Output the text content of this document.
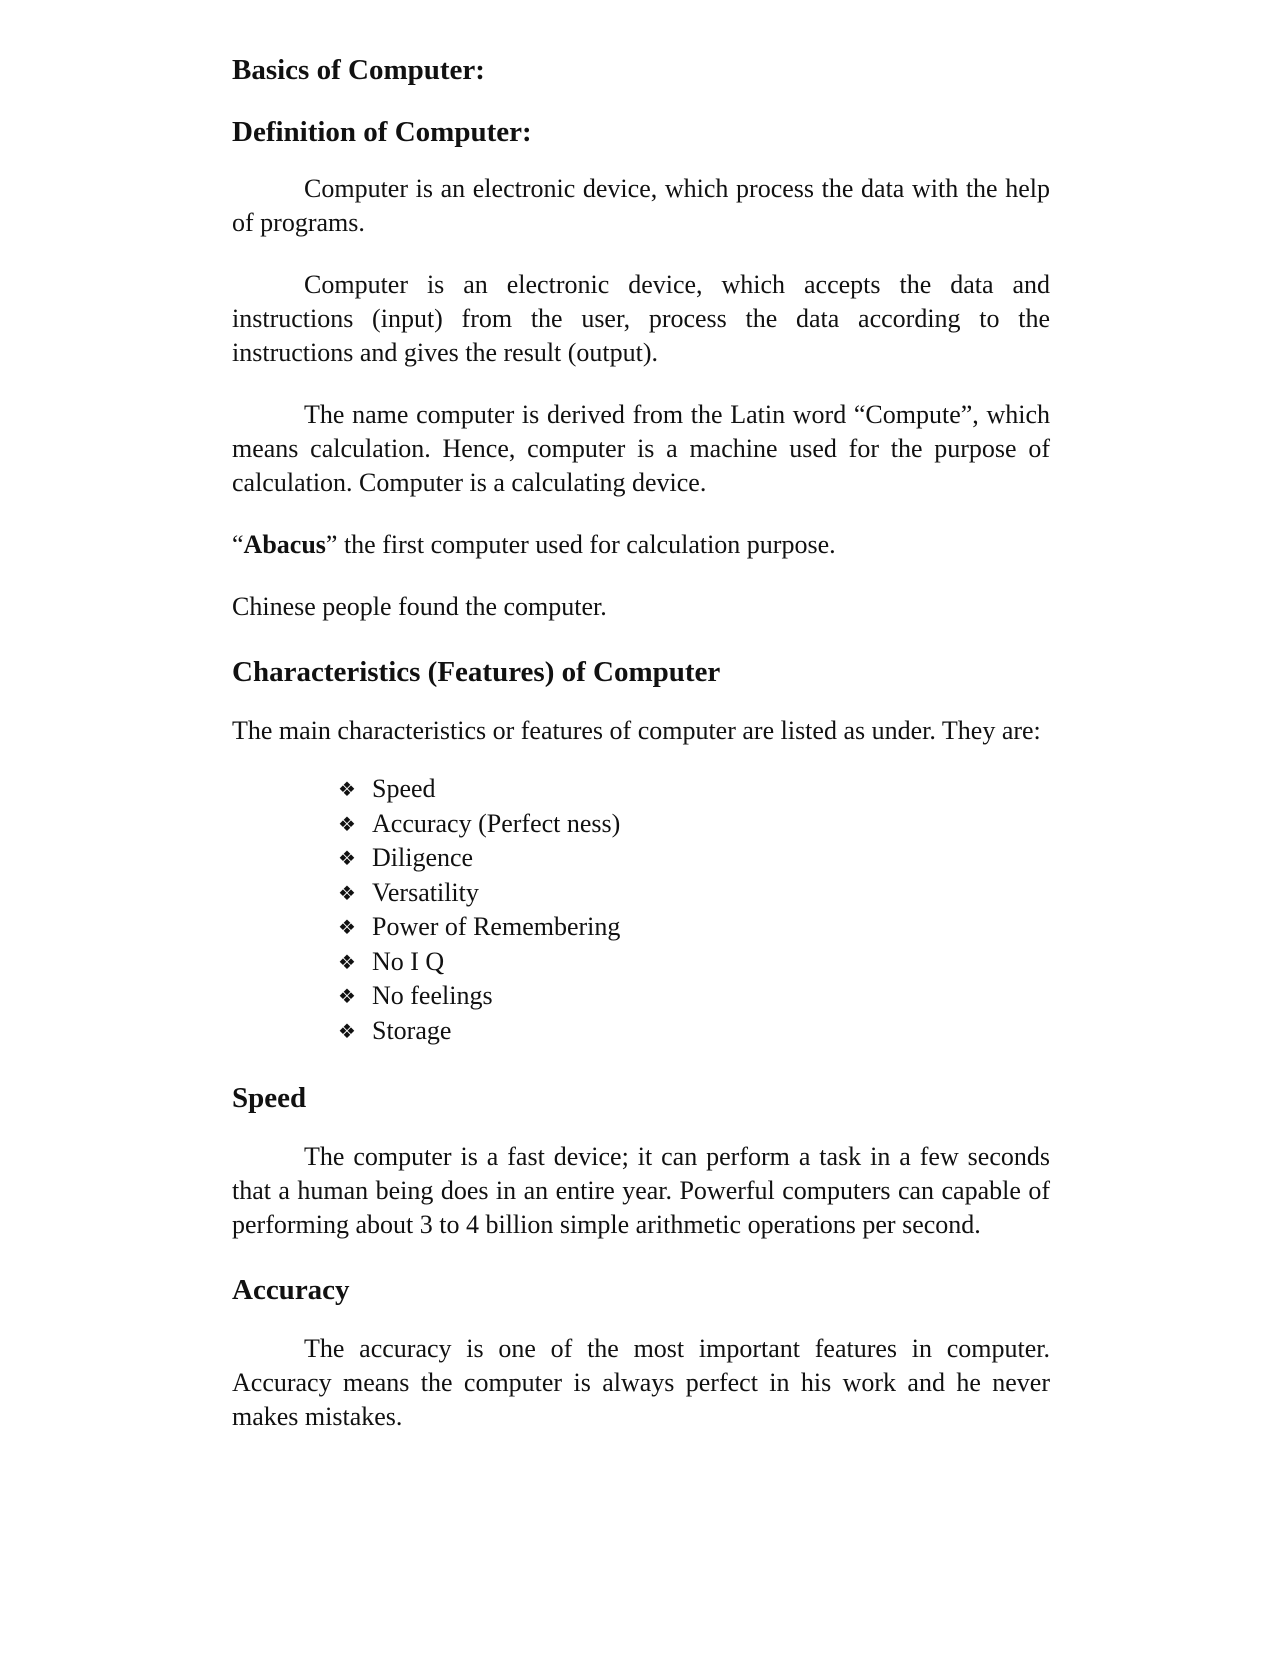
Basics of Computer:
Definition of Computer:

Computer is an electronic device, which process the data with the help of programs.

Computer is an electronic device, which accepts the data and instructions (input) from the user, process the data according to the instructions and gives the result (output).

The name computer is derived from the Latin word “Compute”, which means calculation. Hence, computer is a machine used for the purpose of calculation. Computer is a calculating device.

“Abacus” the first computer used for calculation purpose.

Chinese people found the computer.

Characteristics (Features) of Computer

The main characteristics or features of computer are listed as under. They are:

❖ Speed
❖ Accuracy (Perfect ness)
❖ Diligence
❖ Versatility
❖ Power of Remembering
❖ No I Q
❖ No feelings
❖ Storage
Speed

The computer is a fast device; it can perform a task in a few seconds that a human being does in an entire year. Powerful computers can capable of performing about 3 to 4 billion simple arithmetic operations per second.

Accuracy

The accuracy is one of the most important features in computer. Accuracy means the computer is always perfect in his work and he never makes mistakes.
